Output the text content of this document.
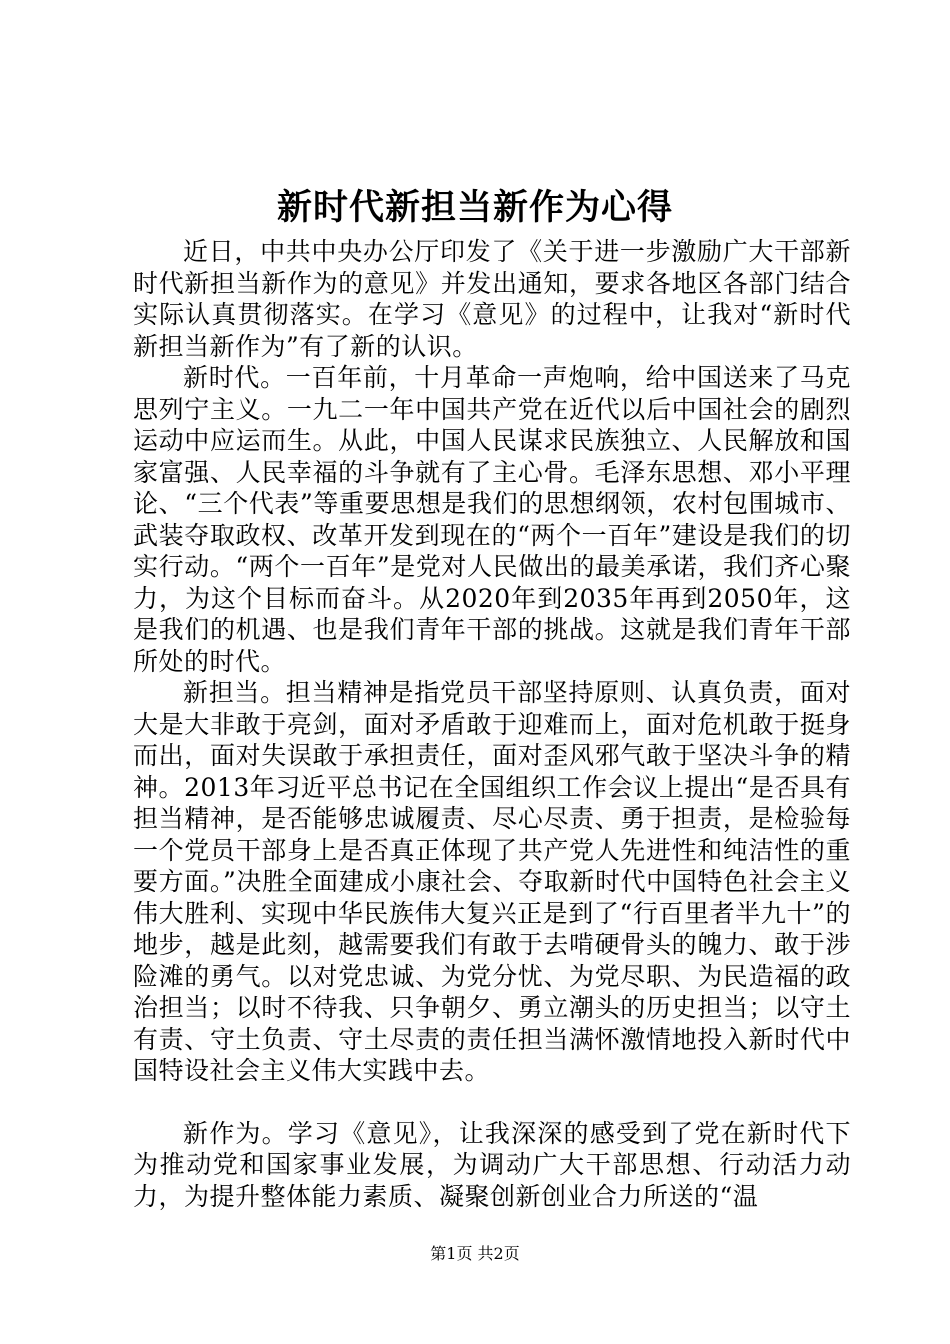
新时代新担当新作为心得

近日，中共中央办公厅印发了《关于进一步激励广大干部新时代新担当新作为的意见》并发出通知，要求各地区各部门结合实际认真贯彻落实。在学习《意见》的过程中，让我对“新时代新担当新作为”有了新的认识。

新时代。一百年前，十月革命一声炮响，给中国送来了马克思列宁主义。一九二一年中国共产党在近代以后中国社会的剧烈运动中应运而生。从此，中国人民谋求民族独立、人民解放和国家富强、人民幸福的斗争就有了主心骨。毛泽东思想、邓小平理论、“三个代表”等重要思想是我们的思想纲领，农村包围城市、武装夺取政权、改革开发到现在的“两个一百年”建设是我们的切实行动。“两个一百年”是党对人民做出的最美承诺，我们齐心聚力，为这个目标而奋斗。从2020年到2035年再到2050年，这是我们的机遇、也是我们青年干部的挑战。这就是我们青年干部所处的时代。

新担当。担当精神是指党员干部坚持原则、认真负责，面对大是大非敢于亮剑，面对矛盾敢于迎难而上，面对危机敢于挺身而出，面对失误敢于承担责任，面对歪风邪气敢于坚决斗争的精神。2013年习近平总书记在全国组织工作会议上提出“是否具有担当精神，是否能够忠诚履责、尽心尽责、勇于担责，是检验每一个党员干部身上是否真正体现了共产党人先进性和纯洁性的重要方面。”决胜全面建成小康社会、夺取新时代中国特色社会主义伟大胜利、实现中华民族伟大复兴正是到了“行百里者半九十”的地步，越是此刻，越需要我们有敢于去啃硬骨头的魄力、敢于涉险滩的勇气。以对党忠诚、为党分忧、为党尽职、为民造福的政治担当；以时不待我、只争朝夕、勇立潮头的历史担当；以守土有责、守土负责、守土尽责的责任担当满怀激情地投入新时代中国特设社会主义伟大实践中去。

新作为。学习《意见》，让我深深的感受到了党在新时代下为推动党和国家事业发展，为调动广大干部思想、行动活力动力，为提升整体能力素质、凝聚创新创业合力所送的“温

第1页 共2页
